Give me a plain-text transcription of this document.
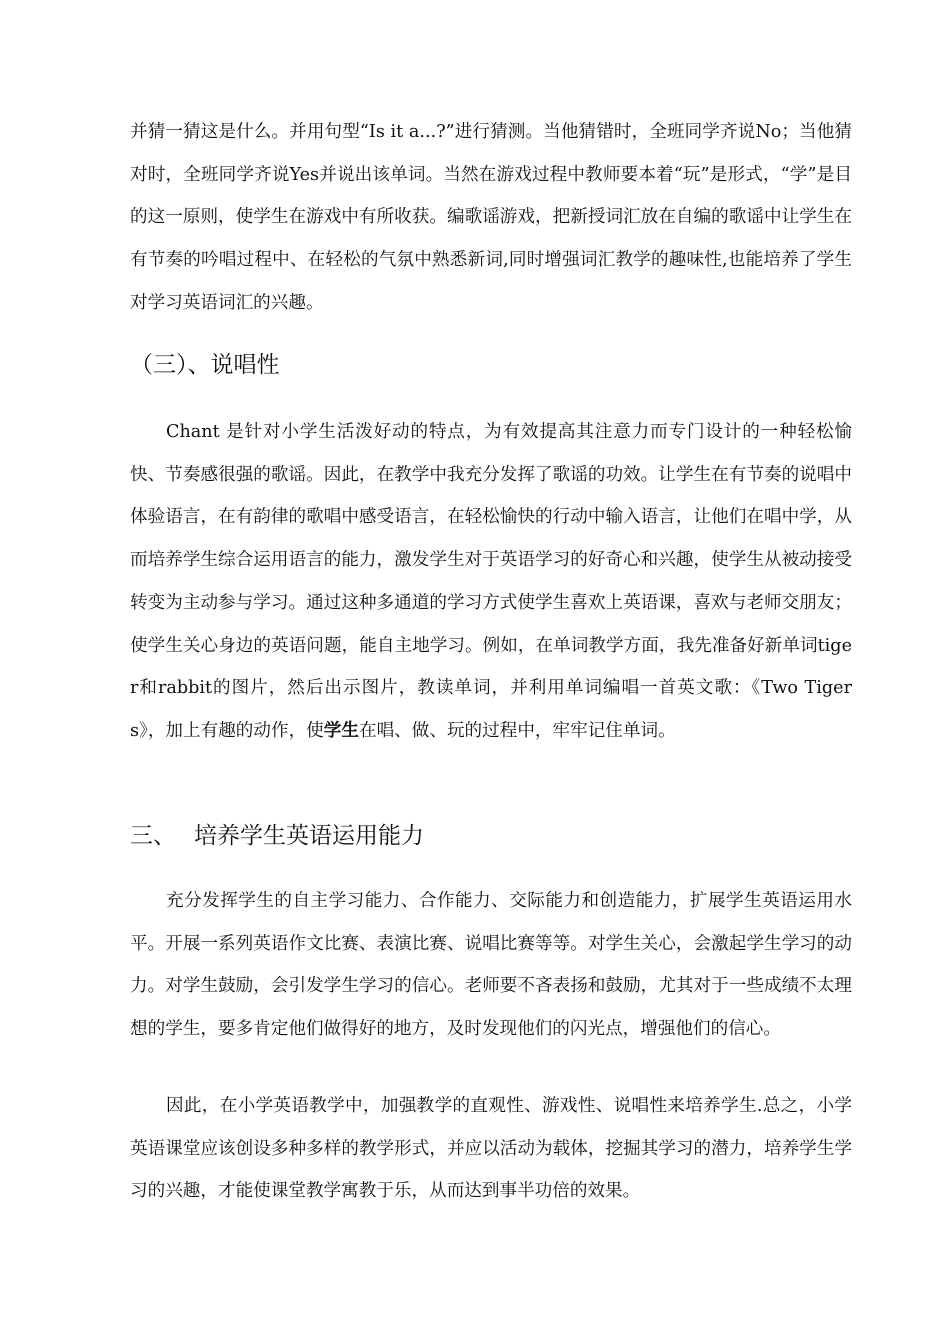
并猜一猜这是什么。并用句型“Is it a...?”进行猜测。当他猜错时，全班同学齐说No；当他猜对时，全班同学齐说Yes并说出该单词。当然在游戏过程中教师要本着“玩”是形式，“学”是目的这一原则，使学生在游戏中有所收获。编歌谣游戏，把新授词汇放在自编的歌谣中让学生在有节奏的吟唱过程中、在轻松的气氛中熟悉新词,同时增强词汇教学的趣味性,也能培养了学生对学习英语词汇的兴趣。

（三）、说唱性

Chant 是针对小学生活泼好动的特点，为有效提高其注意力而专门设计的一种轻松愉快、节奏感很强的歌谣。因此，在教学中我充分发挥了歌谣的功效。让学生在有节奏的说唱中体验语言，在有韵律的歌唱中感受语言，在轻松愉快的行动中输入语言，让他们在唱中学，从而培养学生综合运用语言的能力，激发学生对于英语学习的好奇心和兴趣，使学生从被动接受转变为主动参与学习。通过这种多通道的学习方式使学生喜欢上英语课，喜欢与老师交朋友；使学生关心身边的英语问题，能自主地学习。例如，在单词教学方面，我先准备好新单词tiger和rabbit的图片，然后出示图片，教读单词，并利用单词编唱一首英文歌：《Two Tigers》，加上有趣的动作，使学生在唱、做、玩的过程中，牢牢记住单词。

三、 培养学生英语运用能力

充分发挥学生的自主学习能力、合作能力、交际能力和创造能力，扩展学生英语运用水平。开展一系列英语作文比赛、表演比赛、说唱比赛等等。对学生关心，会激起学生学习的动力。对学生鼓励，会引发学生学习的信心。老师要不吝表扬和鼓励，尤其对于一些成绩不太理想的学生，要多肯定他们做得好的地方，及时发现他们的闪光点，增强他们的信心。

因此，在小学英语教学中，加强教学的直观性、游戏性、说唱性来培养学生.总之，小学英语课堂应该创设多种多样的教学形式，并应以活动为载体，挖掘其学习的潜力，培养学生学习的兴趣，才能使课堂教学寓教于乐，从而达到事半功倍的效果。
